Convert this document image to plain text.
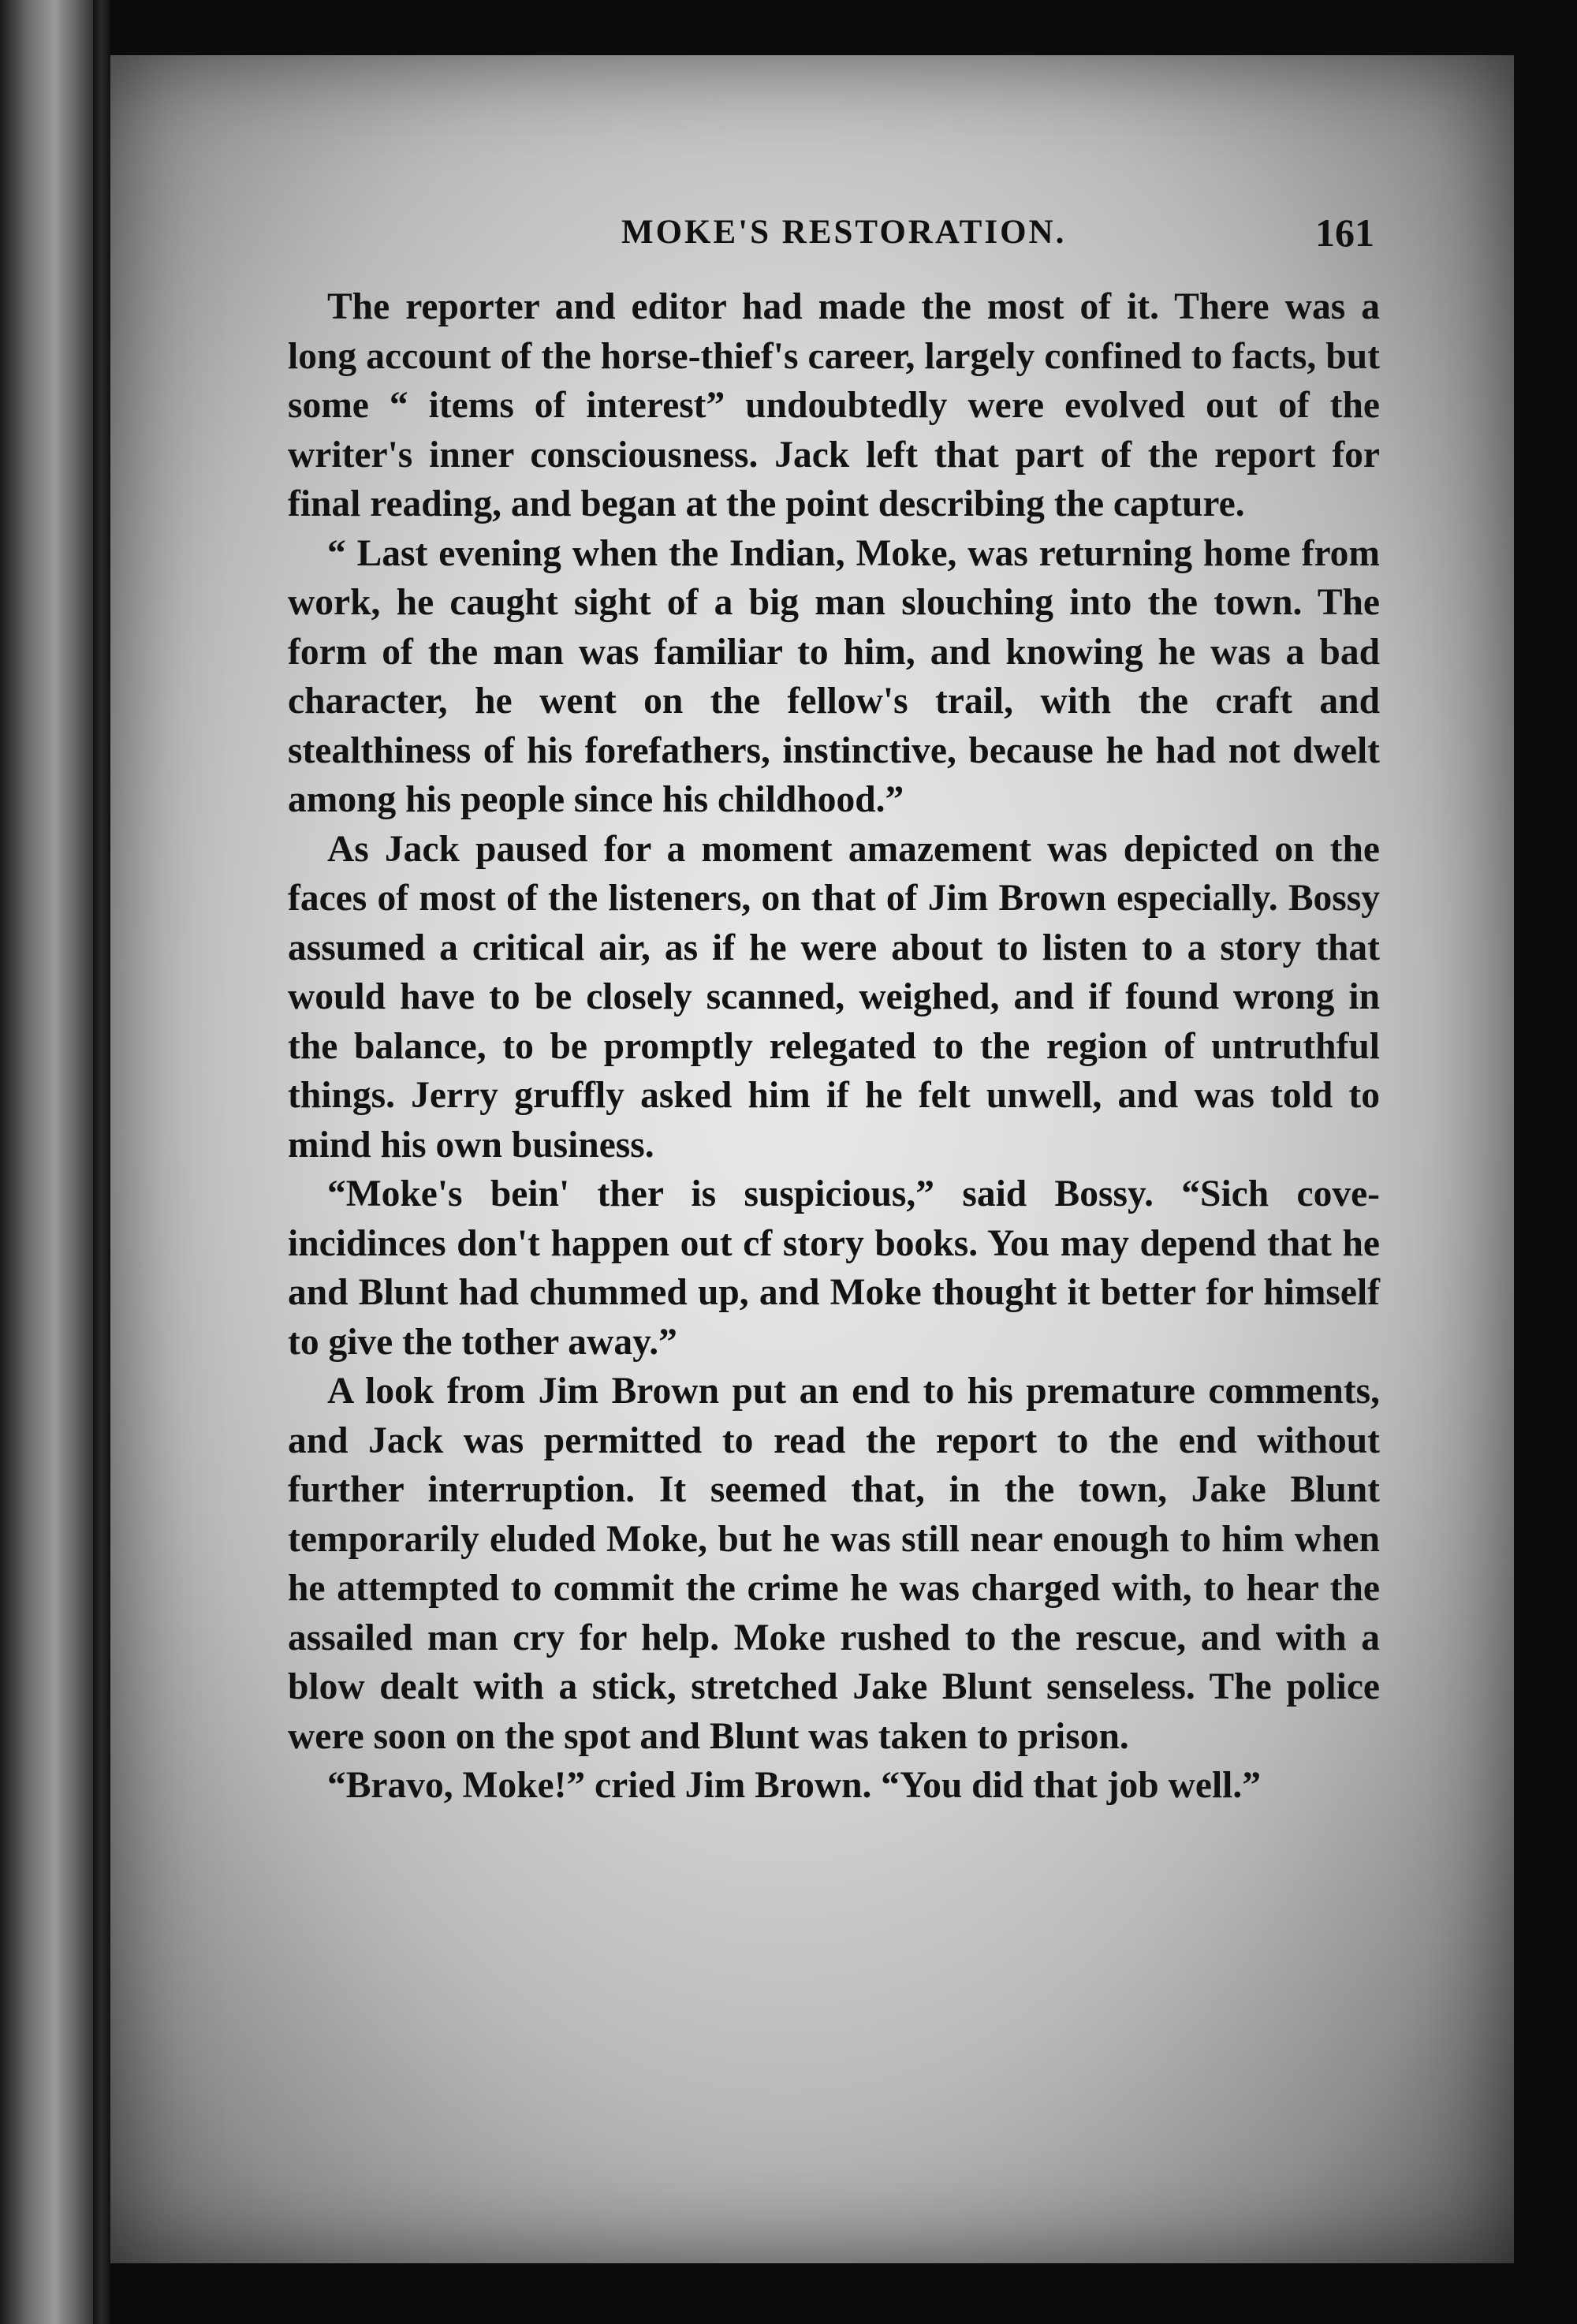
MOKE'S RESTORATION.	161

The reporter and editor had made the most of it. There was a long account of the horse-thief's career, largely confined to facts, but some “ items of interest” undoubtedly were evolved out of the writer's inner consciousness. Jack left that part of the report for final reading, and began at the point describing the capture.

“ Last evening when the Indian, Moke, was returning home from work, he caught sight of a big man slouching into the town. The form of the man was familiar to him, and knowing he was a bad character, he went on the fellow's trail, with the craft and stealthiness of his forefathers, instinctive, because he had not dwelt among his people since his childhood.”

As Jack paused for a moment amazement was depicted on the faces of most of the listeners, on that of Jim Brown especially. Bossy assumed a critical air, as if he were about to listen to a story that would have to be closely scanned, weighed, and if found wrong in the balance, to be promptly relegated to the region of untruthful things. Jerry gruffly asked him if he felt unwell, and was told to mind his own business.

“Moke's bein' ther is suspicious,” said Bossy. “Sich cove-incidinces don't happen out cf story books. You may depend that he and Blunt had chummed up, and Moke thought it better for himself to give the tother away.”

A look from Jim Brown put an end to his premature comments, and Jack was permitted to read the report to the end without further interruption. It seemed that, in the town, Jake Blunt temporarily eluded Moke, but he was still near enough to him when he attempted to commit the crime he was charged with, to hear the assailed man cry for help. Moke rushed to the rescue, and with a blow dealt with a stick, stretched Jake Blunt senseless. The police were soon on the spot and Blunt was taken to prison.

“Bravo, Moke!” cried Jim Brown. “You did that job well.”
